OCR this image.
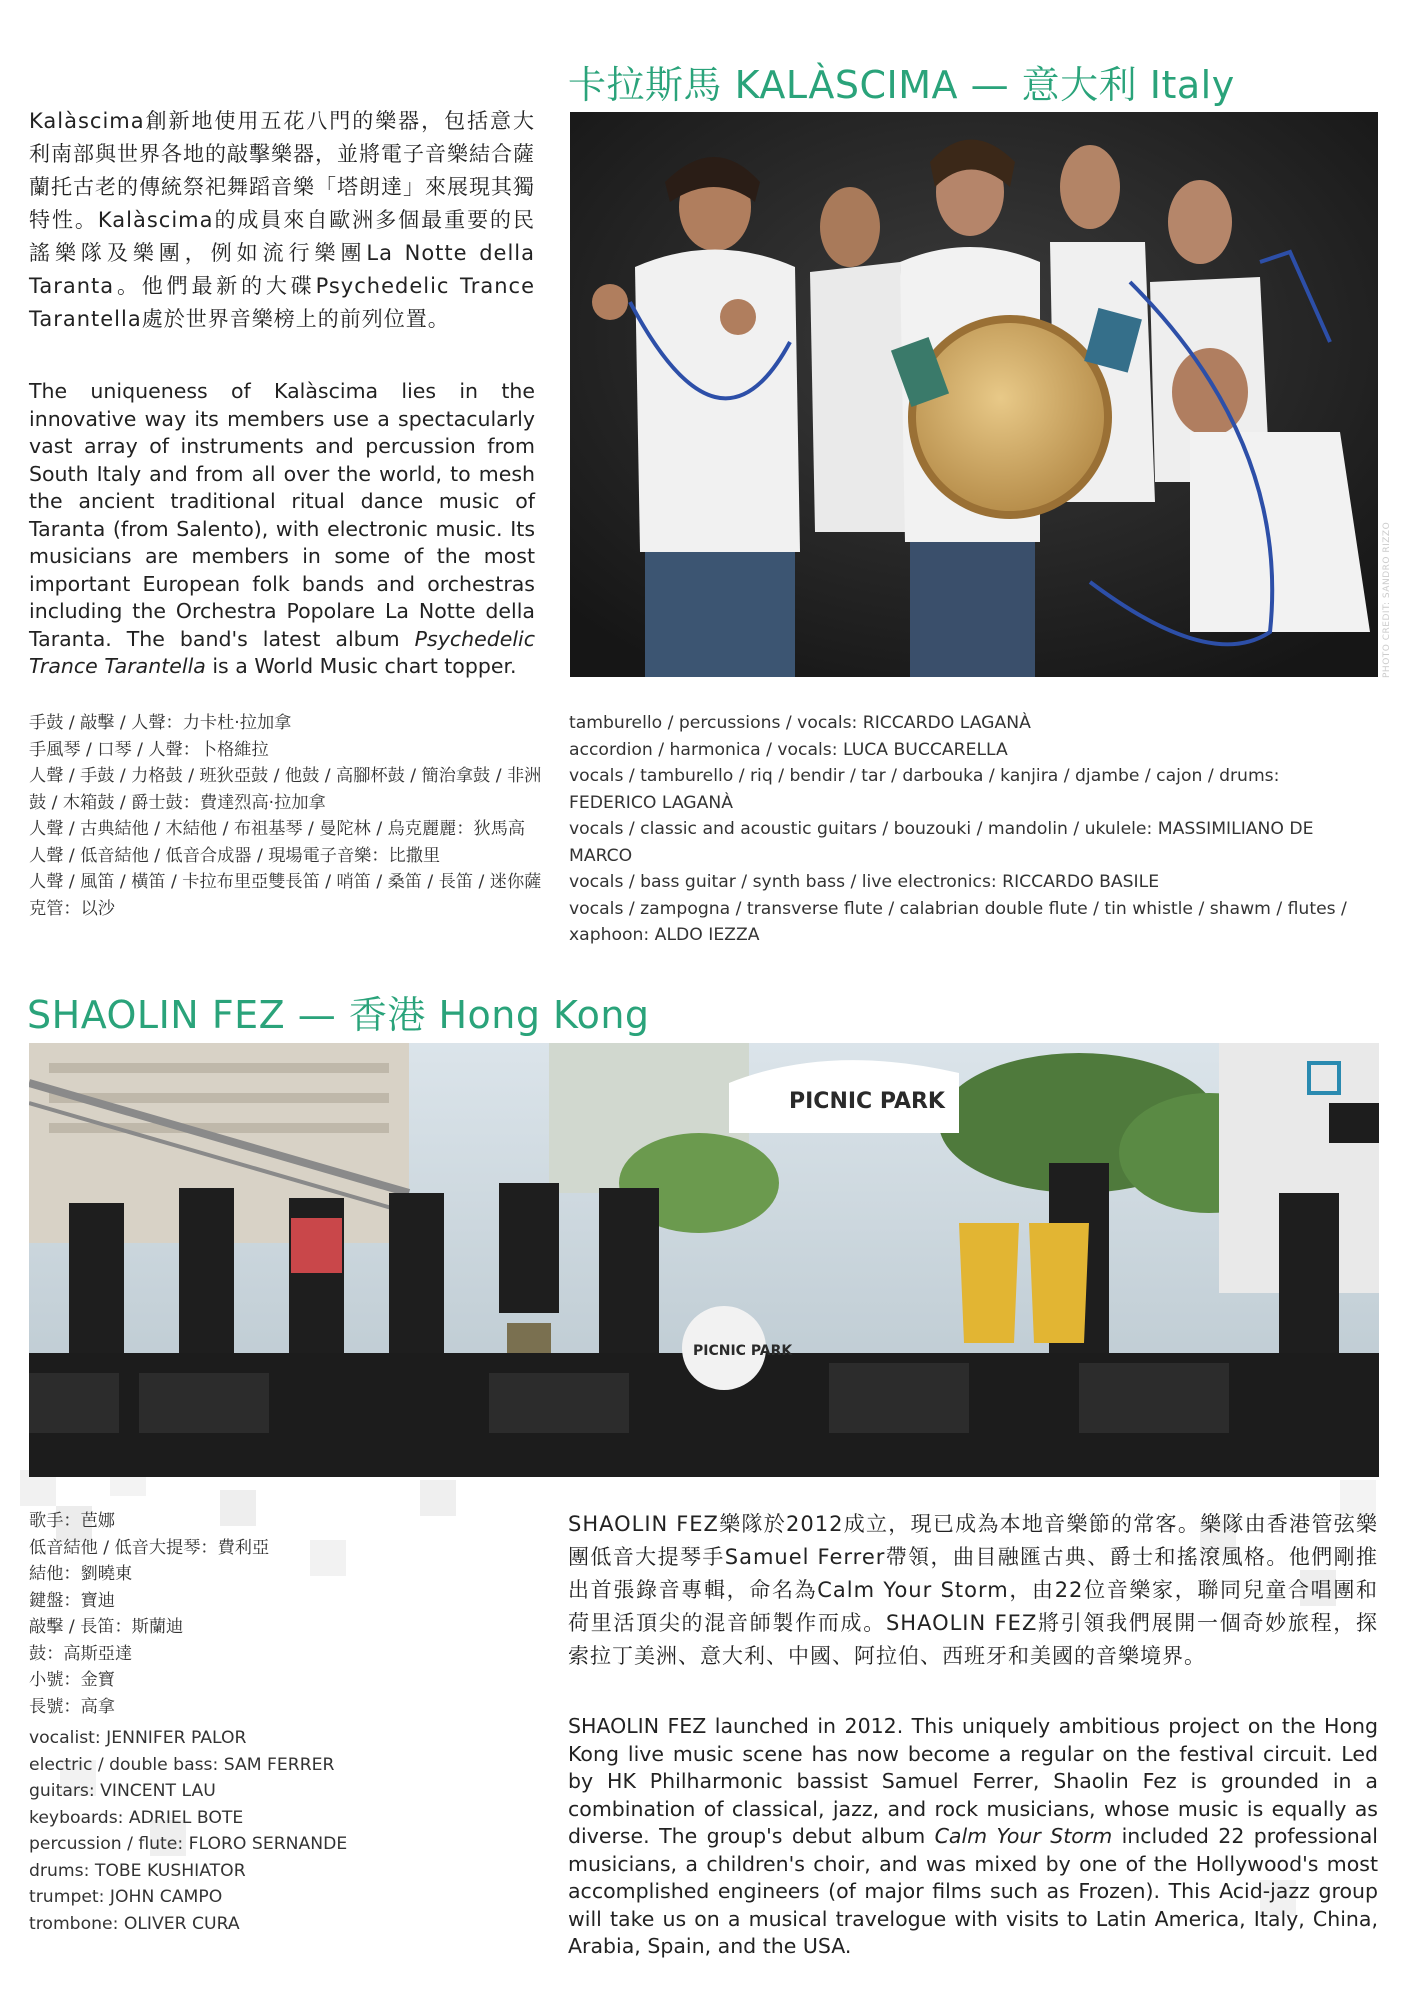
卡拉斯馬 KALÀSCIMA — 意大利 Italy
Kalàscima創新地使用五花八門的樂器，包括意大利南部與世界各地的敲擊樂器，並將電子音樂結合薩蘭托古老的傳統祭祀舞蹈音樂「塔朗達」來展現其獨特性。Kalàscima的成員來自歐洲多個最重要的民謠樂隊及樂團，例如流行樂團La Notte della Taranta。他們最新的大碟Psychedelic Trance Tarantella處於世界音樂榜上的前列位置。
The uniqueness of Kalàscima lies in the innovative way its members use a spectacularly vast array of instruments and percussion from South Italy and from all over the world, to mesh the ancient traditional ritual dance music of Taranta (from Salento), with electronic music. Its musicians are members in some of the most important European folk bands and orchestras including the Orchestra Popolare La Notte della Taranta. The band's latest album Psychedelic Trance Tarantella is a World Music chart topper.	PHOTO CREDIT: SANDRO RIZZO
手鼓 / 敲擊 / 人聲：力卡杜‧拉加拿
手風琴 / 口琴 / 人聲：卜格維拉
人聲 / 手鼓 / 力格鼓 / 班狄亞鼓 / 他鼓 / 高腳杯鼓 / 簡治拿鼓 / 非洲鼓 / 木箱鼓 / 爵士鼓：費達烈高‧拉加拿
人聲 / 古典結他 / 木結他 / 布祖基琴 / 曼陀林 / 烏克麗麗：狄馬高
人聲 / 低音結他 / 低音合成器 / 現場電子音樂：比撒里
人聲 / 風笛 / 橫笛 / 卡拉布里亞雙長笛 / 哨笛 / 桑笛 / 長笛 / 迷你薩克管：以沙
tamburello / percussions / vocals: RICCARDO LAGANÀ
accordion / harmonica / vocals: LUCA BUCCARELLA
vocals / tamburello / riq / bendir / tar / darbouka / kanjira / djambe / cajon / drums: FEDERICO LAGANÀ
vocals / classic and acoustic guitars / bouzouki / mandolin / ukulele: MASSIMILIANO DE MARCO
vocals / bass guitar / synth bass / live electronics: RICCARDO BASILE
vocals / zampogna / transverse flute / calabrian double flute / tin whistle / shawm / flutes / xaphoon: ALDO IEZZA
SHAOLIN FEZ — 香港 Hong Kong
PICNIC PARK
PICNIC PARK
歌手：芭娜
低音結他 / 低音大提琴：費利亞
結他：劉曉東
鍵盤：寶迪
敲擊 / 長笛：斯蘭迪
鼓：高斯亞達
小號：金寶
長號：高拿
vocalist: JENNIFER PALOR
electric / double bass: SAM FERRER
guitars: VINCENT LAU
keyboards: ADRIEL BOTE
percussion / flute: FLORO SERNANDE
drums: TOBE KUSHIATOR
trumpet: JOHN CAMPO
trombone: OLIVER CURA
SHAOLIN FEZ樂隊於2012成立，現已成為本地音樂節的常客。樂隊由香港管弦樂團低音大提琴手Samuel Ferrer帶領，曲目融匯古典、爵士和搖滾風格。他們剛推出首張錄音專輯，命名為Calm Your Storm，由22位音樂家，聯同兒童合唱團和荷里活頂尖的混音師製作而成。SHAOLIN FEZ將引領我們展開一個奇妙旅程，探索拉丁美洲、意大利、中國、阿拉伯、西班牙和美國的音樂境界。
SHAOLIN FEZ launched in 2012. This uniquely ambitious project on the Hong Kong live music scene has now become a regular on the festival circuit. Led by HK Philharmonic bassist Samuel Ferrer, Shaolin Fez is grounded in a combination of classical, jazz, and rock musicians, whose music is equally as diverse. The group's debut album Calm Your Storm included 22 professional musicians, a children's choir, and was mixed by one of the Hollywood's most accomplished engineers (of major films such as Frozen). This Acid-jazz group will take us on a musical travelogue with visits to Latin America, Italy, China, Arabia, Spain, and the USA.
